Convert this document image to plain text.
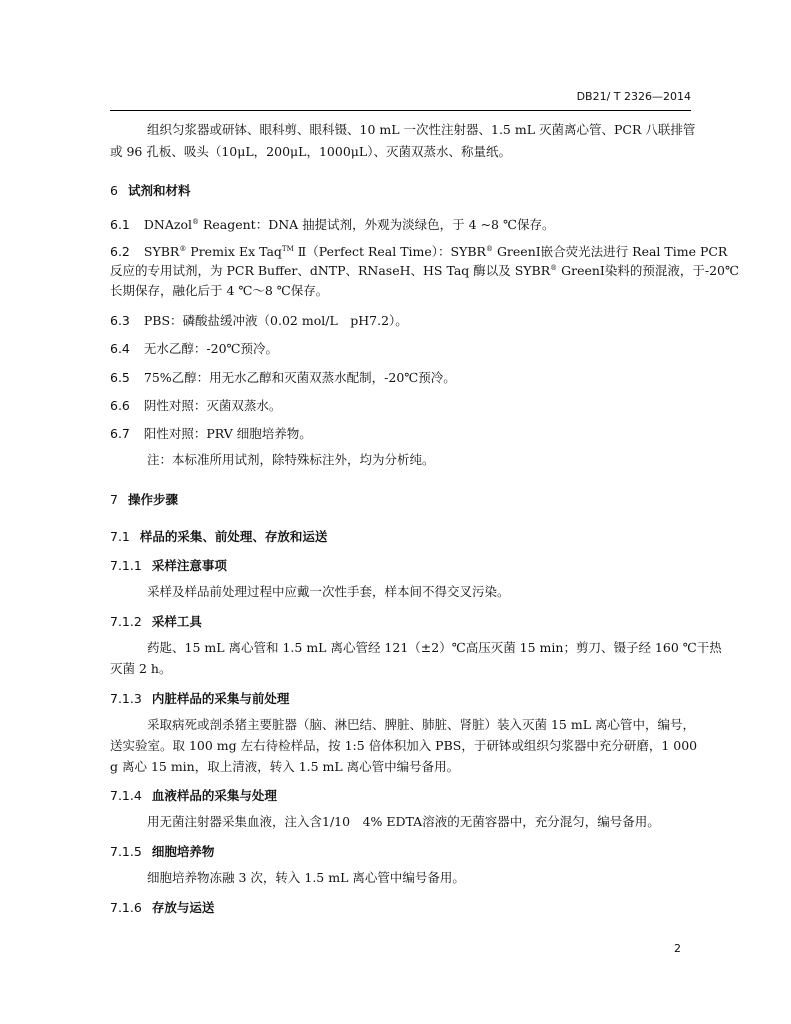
DB21/ T 2326—2014
组织匀浆器或研钵、眼科剪、眼科镊、10 mL 一次性注射器、1.5 mL 灭菌离心管、PCR 八联排管
或 96 孔板、吸头（10μL，200μL，1000μL）、灭菌双蒸水、称量纸。
6 试剂和材料
6.1 DNAzol® Reagent：DNA 抽提试剂，外观为淡绿色，于 4 ~8 ℃保存。
6.2 SYBR® Premix Ex Taq™ Ⅱ（Perfect Real Time）：SYBR® GreenⅠ嵌合荧光法进行 Real Time PCR
反应的专用试剂，为 PCR Buffer、dNTP、RNaseH、HS Taq 酶以及 SYBR® GreenⅠ染料的预混液，于-20℃
长期保存，融化后于 4 ℃～8 ℃保存。
6.3 PBS：磷酸盐缓冲液（0.02 mol/L　pH7.2）。
6.4 无水乙醇：-20℃预冷。
6.5 75%乙醇：用无水乙醇和灭菌双蒸水配制，-20℃预冷。
6.6 阴性对照：灭菌双蒸水。
6.7 阳性对照：PRV 细胞培养物。
注：本标准所用试剂，除特殊标注外，均为分析纯。
7 操作步骤
7.1 样品的采集、前处理、存放和运送
7.1.1 采样注意事项
采样及样品前处理过程中应戴一次性手套，样本间不得交叉污染。
7.1.2 采样工具
药匙、15 mL 离心管和 1.5 mL 离心管经 121（±2）℃高压灭菌 15 min；剪刀、镊子经 160 ℃干热
灭菌 2 h。
7.1.3 内脏样品的采集与前处理
采取病死或剖杀猪主要脏器（脑、淋巴结、脾脏、肺脏、肾脏）装入灭菌 15 mL 离心管中，编号，
送实验室。取 100 mg 左右待检样品，按 1:5 倍体积加入 PBS，于研钵或组织匀浆器中充分研磨，1 000
g 离心 15 min，取上清液，转入 1.5 mL 离心管中编号备用。
7.1.4 血液样品的采集与处理
用无菌注射器采集血液，注入含1/10　4% EDTA溶液的无菌容器中，充分混匀，编号备用。
7.1.5 细胞培养物
细胞培养物冻融 3 次，转入 1.5 mL 离心管中编号备用。
7.1.6 存放与运送
2
